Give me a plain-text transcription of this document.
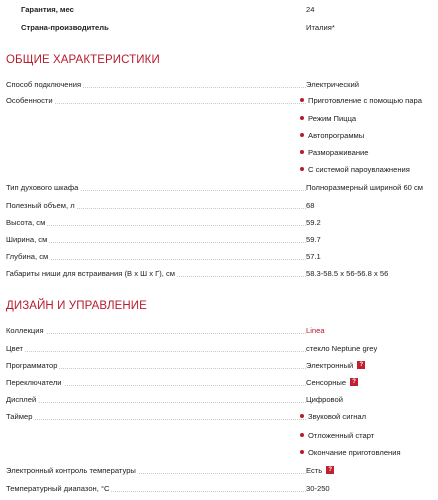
Гарантия, мес	24
Страна-производитель	Италия*
ОБЩИЕ ХАРАКТЕРИСТИКИ
Способ подключения	Электрический
Особенности	Приготовление с помощью пара
Режим Пицца
Автопрограммы
Размораживание
С системой пароувлажнения
Тип духового шкафа	Полноразмерный шириной 60 см
Полезный объем, л	68
Высота, см	59.2
Ширина, см	59.7
Глубина, см	57.1
Габариты ниши для встраивания (В х Ш х Г), см	58.3-58.5 х 56-56.8 х 56
ДИЗАЙН И УПРАВЛЕНИЕ
Коллекция	Linea
Цвет	стекло Neptune grey
Программатор	Электронный ?
Переключатели	Сенсорные ?
Дисплей	Цифровой
Таймер	Звуковой сигнал
Отложенный старт
Окончание приготовления
Электронный контроль температуры	Есть ?
Температурный диапазон, °C	30-250
